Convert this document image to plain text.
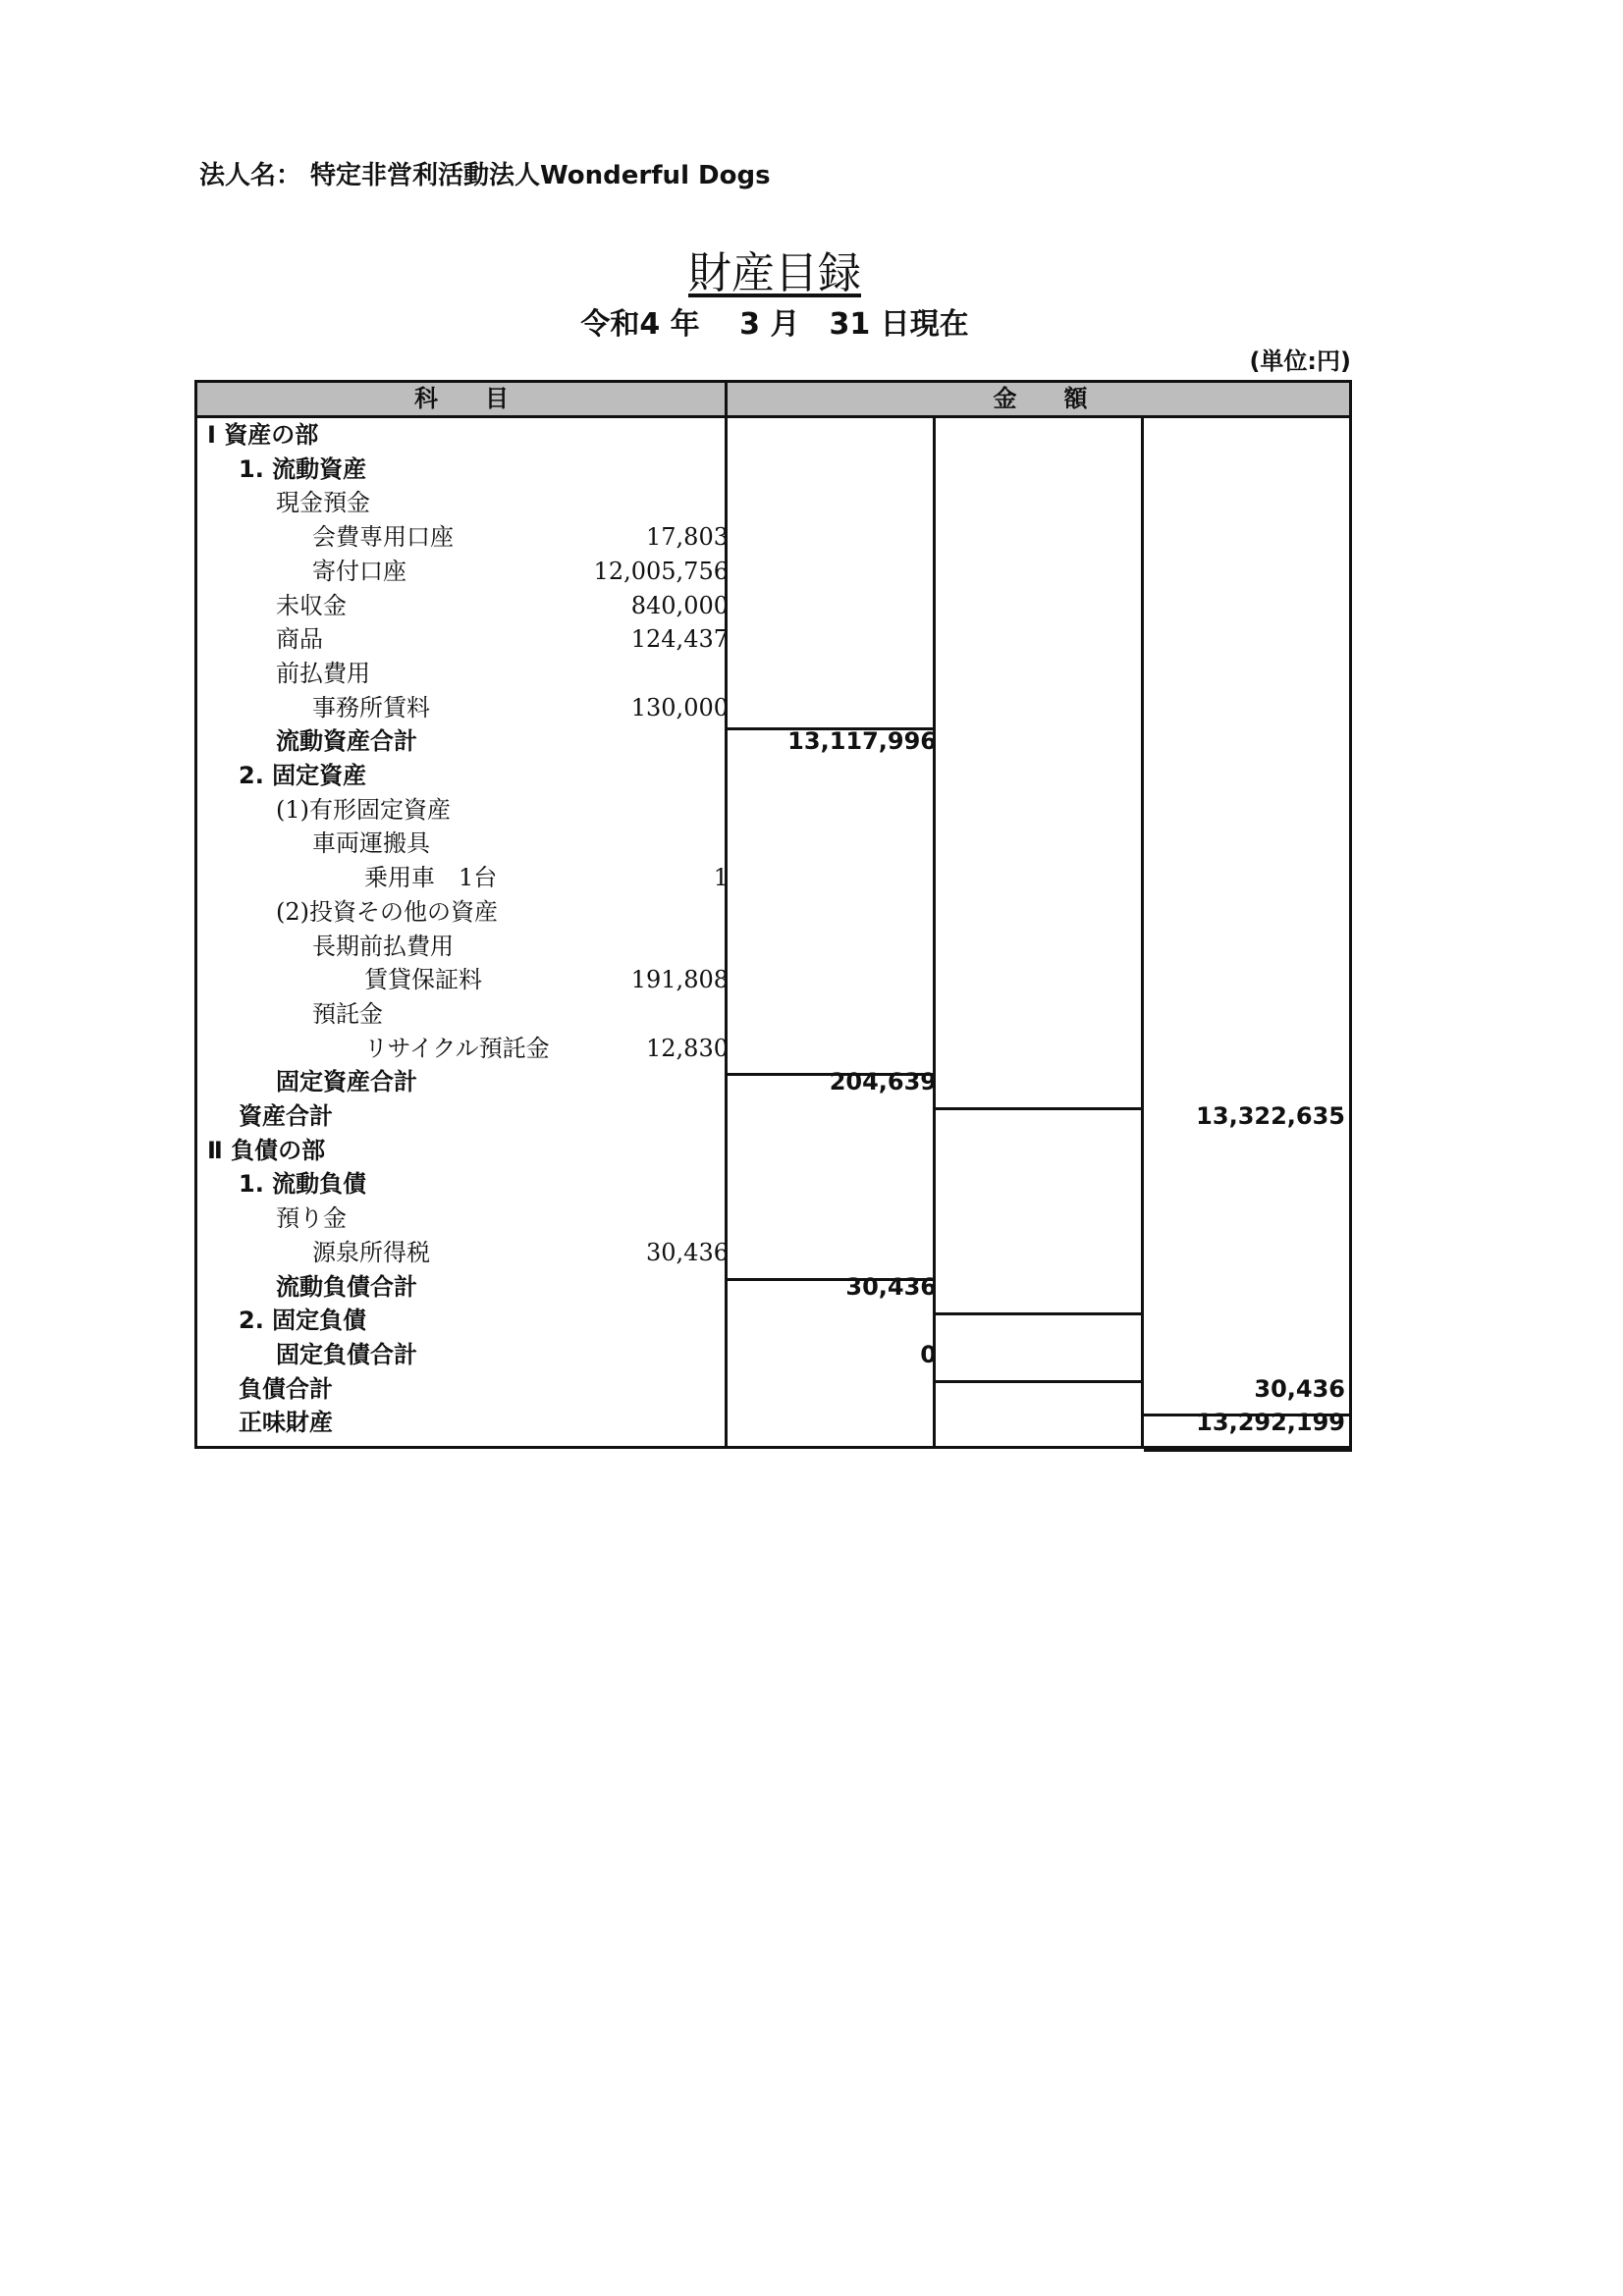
法人名： 特定非営利活動法人Wonderful Dogs
財産目録
令和4 年　 3 月　31 日現在
(単位:円)
科　　目	金　　額
Ⅰ 資産の部
1. 流動資産
現金預金
会費専用口座	17,803
寄付口座	12,005,756
未収金	840,000
商品	124,437
前払費用
事務所賃料	130,000
流動資産合計	13,117,996
2. 固定資産
(1)有形固定資産
車両運搬具
乗用車　1台	1
(2)投資その他の資産
長期前払費用
賃貸保証料	191,808
預託金
リサイクル預託金	12,830
固定資産合計	204,639
資産合計	13,322,635
Ⅱ 負債の部
1. 流動負債
預り金
源泉所得税	30,436
流動負債合計	30,436
2. 固定負債
固定負債合計	0
負債合計	30,436
正味財産	13,292,199
